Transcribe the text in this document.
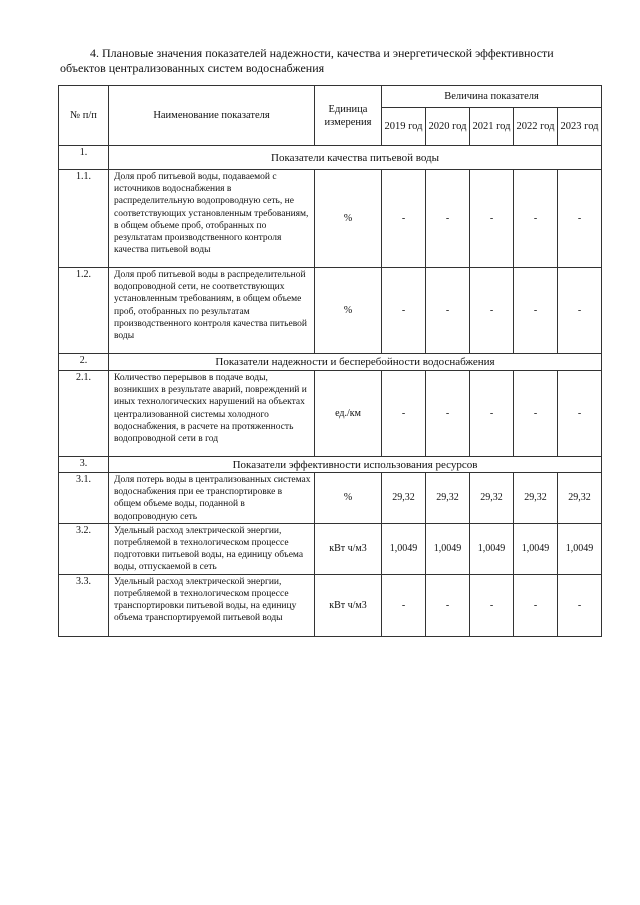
4. Плановые значения показателей надежности, качества и энергетической эффективности
объектов централизованных систем водоснабжения
№ п/п	Наименование показателя	Единица измерения	Величина показателя				
			2019 год	2020 год	2021 год	2022 год	2023 год
1.	Показатели качества питьевой воды						
1.1.	Доля проб питьевой воды, подаваемой с источников водоснабжения в распределительную водопроводную сеть, не соответствующих установленным требованиям, в общем объеме проб, отобранных по результатам производственного контроля качества питьевой воды	%	-	-	-	-	-
1.2.	Доля проб питьевой воды в распределительной водопроводной сети, не соответствующих установленным требованиям, в общем объеме проб, отобранных по результатам производственного контроля качества питьевой воды	%	-	-	-	-	-
2.	Показатели надежности и бесперебойности водоснабжения						
2.1.	Количество перерывов в подаче воды, возникших в результате аварий, повреждений и иных технологических нарушений на объектах централизованной системы холодного водоснабжения, в расчете на протяженность водопроводной сети в год	ед./км	-	-	-	-	-
3.	Показатели эффективности использования ресурсов						
3.1.	Доля потерь воды в централизованных системах водоснабжения при ее транспортировке в общем объеме воды, поданной в водопроводную сеть	%	29,32	29,32	29,32	29,32	29,32
3.2.	Удельный расход электрической энергии, потребляемой в технологическом процессе подготовки питьевой воды, на единицу объема воды, отпускаемой в сеть	кВт ч/м3	1,0049	1,0049	1,0049	1,0049	1,0049
3.3.	Удельный расход электрической энергии, потребляемой в технологическом процессе транспортировки питьевой воды, на единицу объема транспортируемой питьевой воды	кВт ч/м3	-	-	-	-	-
